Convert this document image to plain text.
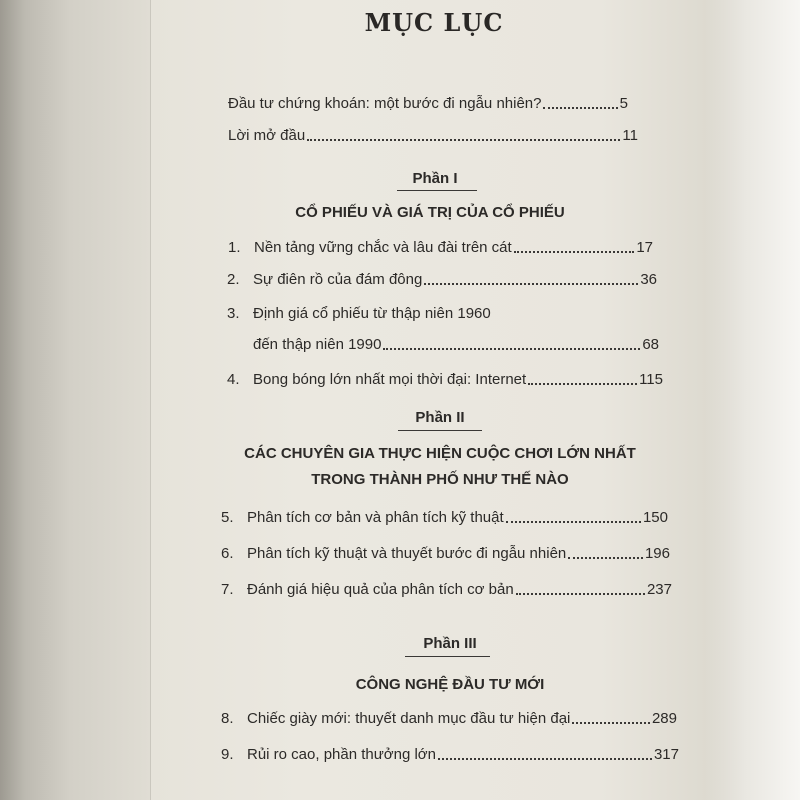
MỤC LỤC
Đầu tư chứng khoán: một bước đi ngẫu nhiên?	5
Lời mở đầu	11
Phần I
CỔ PHIẾU VÀ GIÁ TRỊ CỦA CỔ PHIẾU
1. Nền tảng vững chắc và lâu đài trên cát	17
2. Sự điên rồ của đám đông	36
3. Định giá cổ phiếu từ thập niên 1960
đến thập niên 1990	68
4. Bong bóng lớn nhất mọi thời đại: Internet	115
Phần II
CÁC CHUYÊN GIA THỰC HIỆN CUỘC CHƠI LỚN NHẤT
TRONG THÀNH PHỐ NHƯ THẾ NÀO
5. Phân tích cơ bản và phân tích kỹ thuật	150
6. Phân tích kỹ thuật và thuyết bước đi ngẫu nhiên	196
7. Đánh giá hiệu quả của phân tích cơ bản	237
Phần III
CÔNG NGHỆ ĐẦU TƯ MỚI
8. Chiếc giày mới: thuyết danh mục đầu tư hiện đại	289
9. Rủi ro cao, phần thưởng lớn	317
